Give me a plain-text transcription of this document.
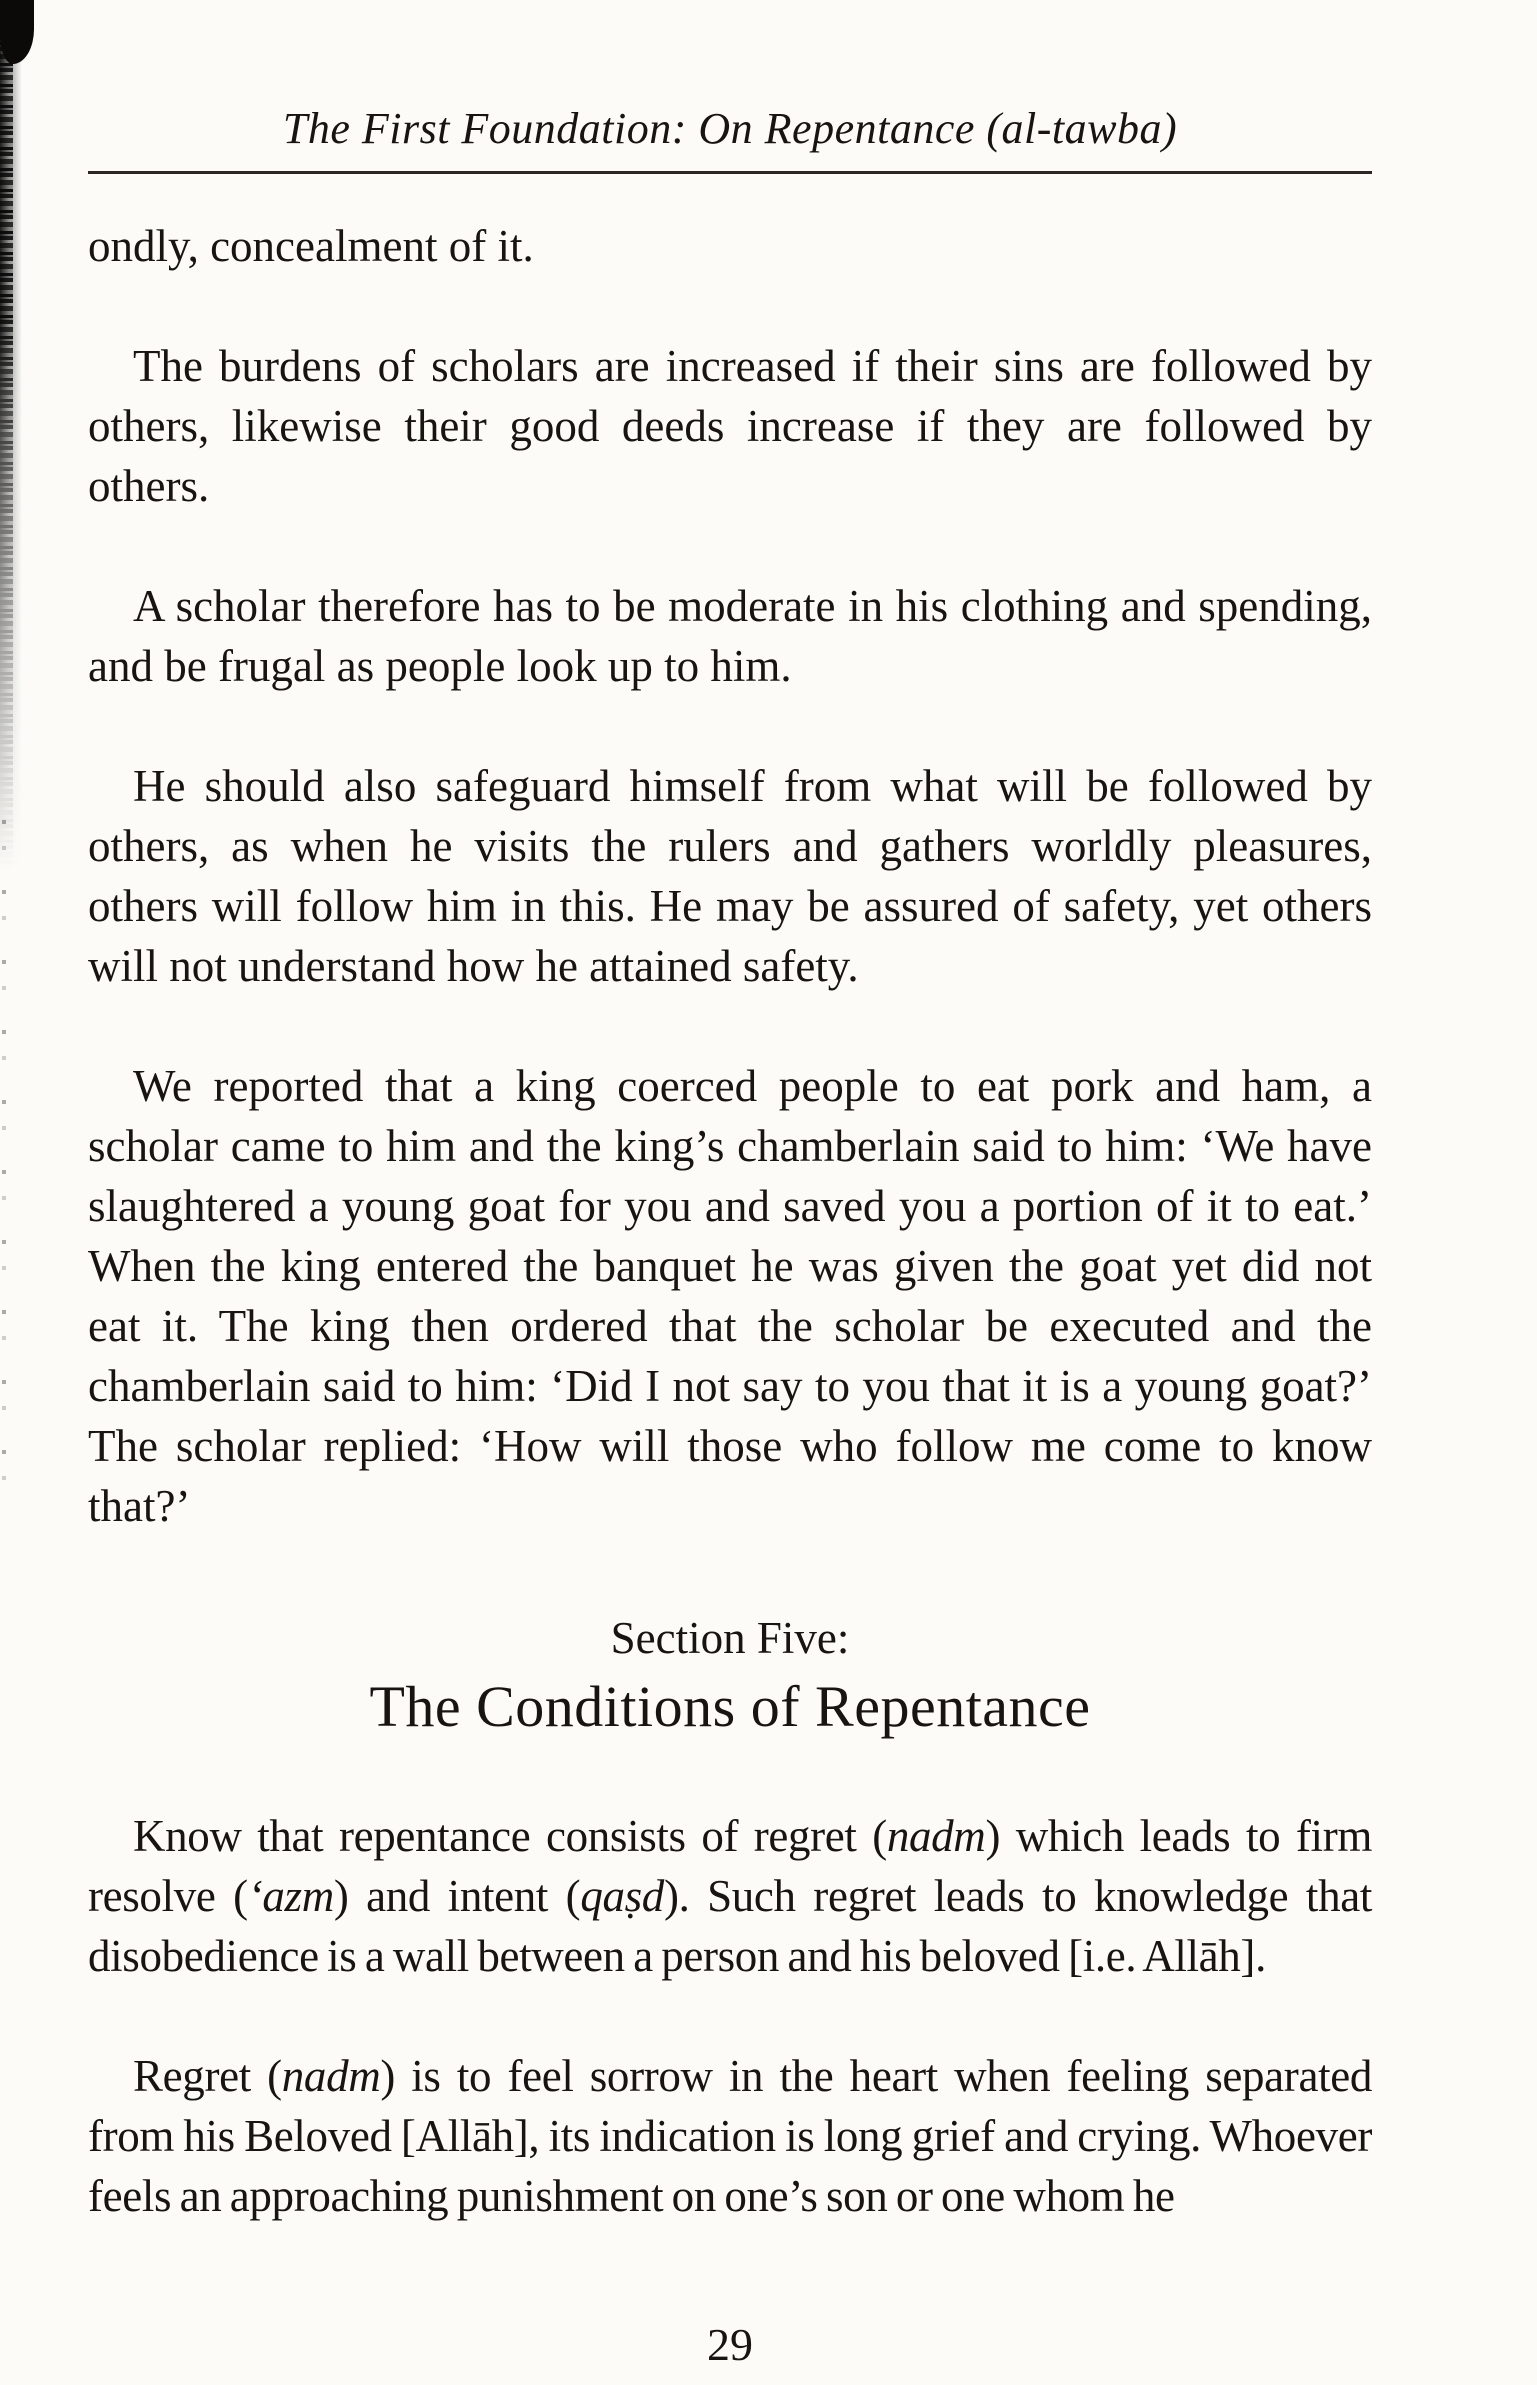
The First Foundation: On Repentance (al-tawba)

ondly, concealment of it.

The burdens of scholars are increased if their sins are followed by others, likewise their good deeds increase if they are followed by others.

A scholar therefore has to be moderate in his clothing and spending, and be frugal as people look up to him.

He should also safeguard himself from what will be followed by others, as when he visits the rulers and gathers worldly pleasures, others will follow him in this. He may be assured of safety, yet others will not understand how he attained safety.

We reported that a king coerced people to eat pork and ham, a scholar came to him and the king’s chamberlain said to him: ‘We have slaughtered a young goat for you and saved you a portion of it to eat.’ When the king entered the banquet he was given the goat yet did not eat it. The king then ordered that the scholar be executed and the chamberlain said to him: ‘Did I not say to you that it is a young goat?’ The scholar replied: ‘How will those who follow me come to know that?’

Section Five:
The Conditions of Repentance

Know that repentance consists of regret (nadm) which leads to firm resolve (‘azm) and intent (qaṣd). Such regret leads to knowledge that disobedience is a wall between a person and his beloved [i.e. Allāh].

Regret (nadm) is to feel sorrow in the heart when feeling separated from his Beloved [Allāh], its indication is long grief and crying. Whoever feels an approaching punishment on one’s son or one whom he

29
